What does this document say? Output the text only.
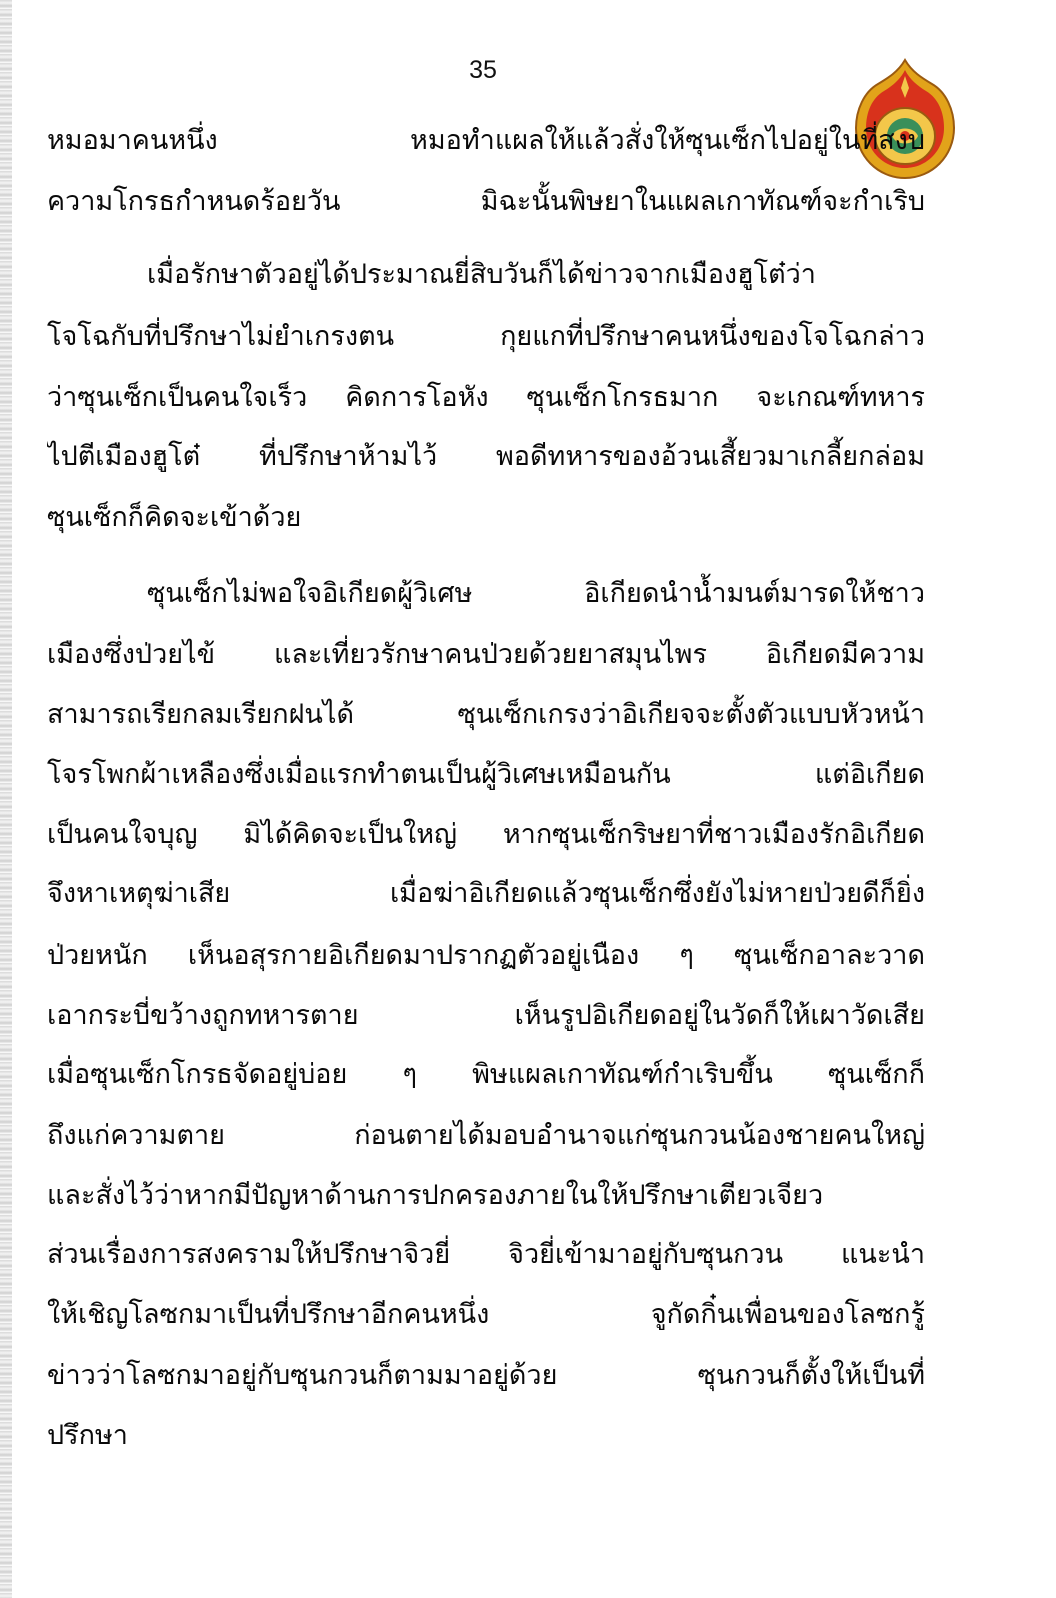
35
หมอมาคนหนึ่ง หมอทำแผลให้แล้วสั่งให้ซุนเซ็กไปอยู่ในที่สงบ
ความโกรธกำหนดร้อยวัน มิฉะนั้นพิษยาในแผลเกาทัณฑ์จะกำเริบ
เมื่อรักษาตัวอยู่ได้ประมาณยี่สิบวันก็ได้ข่าวจากเมืองฮูโต๋ว่า
โจโฉกับที่ปรึกษาไม่ยำเกรงตน กุยแกที่ปรึกษาคนหนึ่งของโจโฉกล่าว
ว่าซุนเซ็กเป็นคนใจเร็ว คิดการโอหัง ซุนเซ็กโกรธมาก จะเกณฑ์ทหาร
ไปตีเมืองฮูโต๋ ที่ปรึกษาห้ามไว้ พอดีทหารของอ้วนเสี้ยวมาเกลี้ยกล่อม
ซุนเซ็กก็คิดจะเข้าด้วย
ซุนเซ็กไม่พอใจอิเกียดผู้วิเศษ อิเกียดนำน้ำมนต์มารดให้ชาว
เมืองซึ่งป่วยไข้ และเที่ยวรักษาคนป่วยด้วยยาสมุนไพร อิเกียดมีความ
สามารถเรียกลมเรียกฝนได้ ซุนเซ็กเกรงว่าอิเกียจจะตั้งตัวแบบหัวหน้า
โจรโพกผ้าเหลืองซึ่งเมื่อแรกทำตนเป็นผู้วิเศษเหมือนกัน แต่อิเกียด
เป็นคนใจบุญ มิได้คิดจะเป็นใหญ่ หากซุนเซ็กริษยาที่ชาวเมืองรักอิเกียด
จึงหาเหตุฆ่าเสีย เมื่อฆ่าอิเกียดแล้วซุนเซ็กซึ่งยังไม่หายป่วยดีก็ยิ่ง
ป่วยหนัก เห็นอสุรกายอิเกียดมาปรากฏตัวอยู่เนือง ๆ ซุนเซ็กอาละวาด
เอากระบี่ขว้างถูกทหารตาย เห็นรูปอิเกียดอยู่ในวัดก็ให้เผาวัดเสีย
เมื่อซุนเซ็กโกรธจัดอยู่บ่อย ๆ พิษแผลเกาทัณฑ์กำเริบขึ้น ซุนเซ็กก็
ถึงแก่ความตาย ก่อนตายได้มอบอำนาจแก่ซุนกวนน้องชายคนใหญ่
และสั่งไว้ว่าหากมีปัญหาด้านการปกครองภายในให้ปรึกษาเตียวเจียว
ส่วนเรื่องการสงครามให้ปรึกษาจิวยี่ จิวยี่เข้ามาอยู่กับซุนกวน แนะนำ
ให้เชิญโลซกมาเป็นที่ปรึกษาอีกคนหนึ่ง จูกัดกิ๋นเพื่อนของโลซกรู้
ข่าวว่าโลซกมาอยู่กับซุนกวนก็ตามมาอยู่ด้วย ซุนกวนก็ตั้งให้เป็นที่
ปรึกษา
